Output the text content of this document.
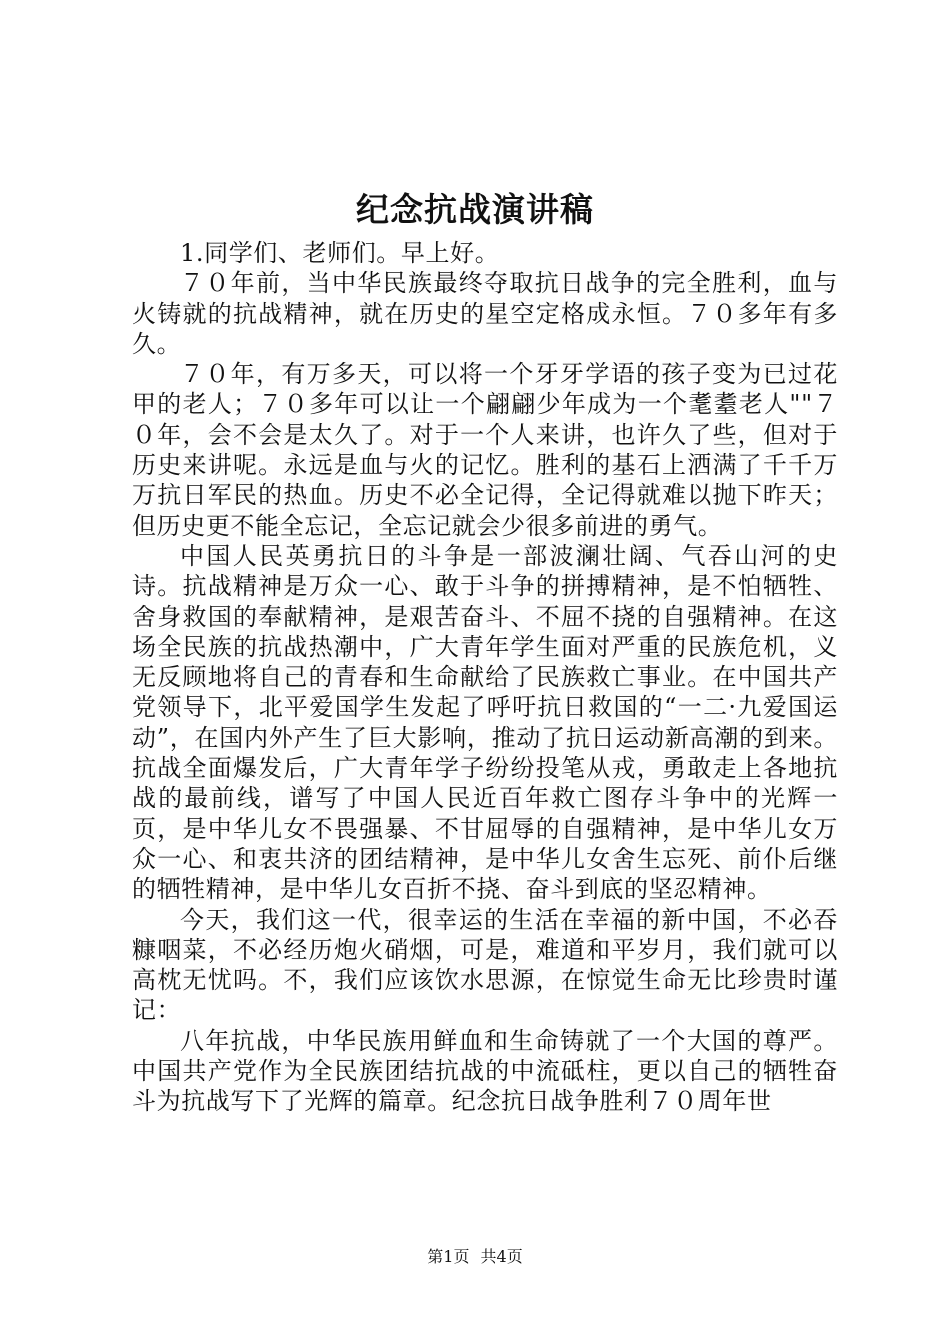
纪念抗战演讲稿

1.同学们、老师们。早上好。

７０年前，当中华民族最终夺取抗日战争的完全胜利，血与火铸就的抗战精神，就在历史的星空定格成永恒。７０多年有多久。

７０年，有万多天，可以将一个牙牙学语的孩子变为已过花甲的老人；７０多年可以让一个翩翩少年成为一个耄耋老人""７０年，会不会是太久了。对于一个人来讲，也许久了些，但对于历史来讲呢。永远是血与火的记忆。胜利的基石上洒满了千千万万抗日军民的热血。历史不必全记得，全记得就难以抛下昨天；但历史更不能全忘记，全忘记就会少很多前进的勇气。

中国人民英勇抗日的斗争是一部波澜壮阔、气吞山河的史诗。抗战精神是万众一心、敢于斗争的拼搏精神，是不怕牺牲、舍身救国的奉献精神，是艰苦奋斗、不屈不挠的自强精神。在这场全民族的抗战热潮中，广大青年学生面对严重的民族危机，义无反顾地将自己的青春和生命献给了民族救亡事业。在中国共产党领导下，北平爱国学生发起了呼吁抗日救国的“一二·九爱国运动”，在国内外产生了巨大影响，推动了抗日运动新高潮的到来。抗战全面爆发后，广大青年学子纷纷投笔从戎，勇敢走上各地抗战的最前线，谱写了中国人民近百年救亡图存斗争中的光辉一页，是中华儿女不畏强暴、不甘屈辱的自强精神，是中华儿女万众一心、和衷共济的团结精神，是中华儿女舍生忘死、前仆后继的牺牲精神，是中华儿女百折不挠、奋斗到底的坚忍精神。

今天，我们这一代，很幸运的生活在幸福的新中国，不必吞糠咽菜，不必经历炮火硝烟，可是，难道和平岁月，我们就可以高枕无忧吗。不，我们应该饮水思源，在惊觉生命无比珍贵时谨记：

八年抗战，中华民族用鲜血和生命铸就了一个大国的尊严。中国共产党作为全民族团结抗战的中流砥柱，更以自己的牺牲奋斗为抗战写下了光辉的篇章。纪念抗日战争胜利７０周年世

第1页 共4页
